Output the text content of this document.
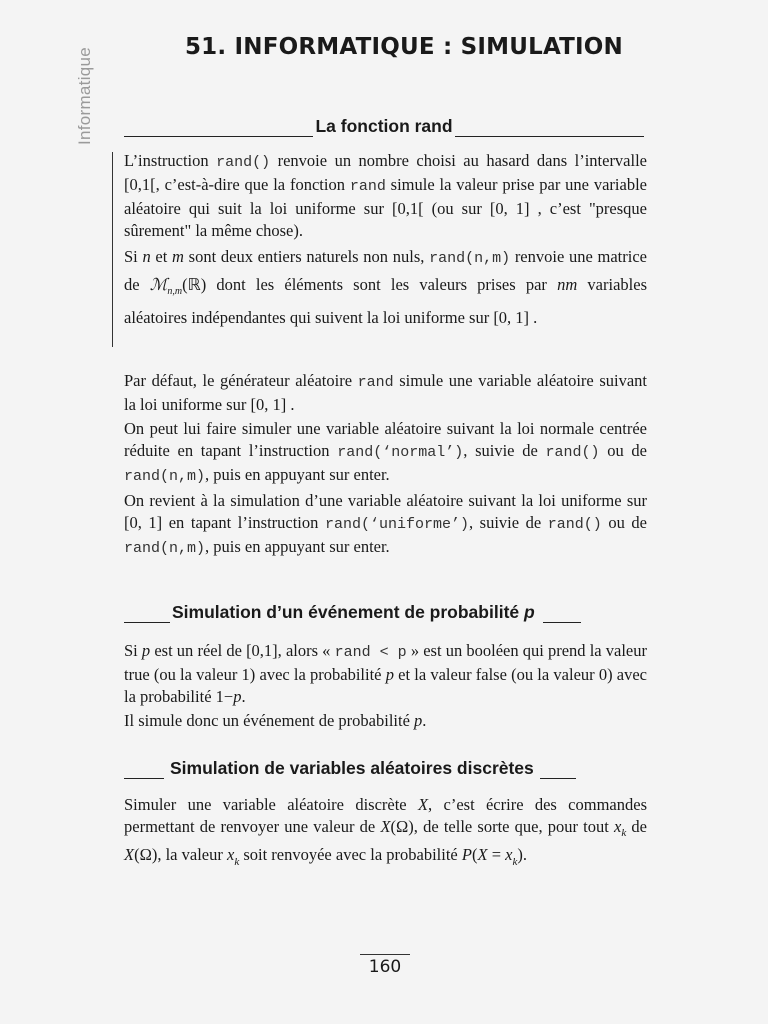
Informatique	51. INFORMATIQUE : SIMULATION
La fonction rand

L’instruction rand() renvoie un nombre choisi au hasard dans l’intervalle [0,1[, c’est-à-dire que la fonction rand simule la valeur prise par une variable aléatoire qui suit la loi uniforme sur [0,1[ (ou sur [0, 1] , c’est "presque sûrement" la même chose).

Si n et m sont deux entiers naturels non nuls, rand(n,m) renvoie une matrice de ℳ$_{n,m}$(ℝ) dont les éléments sont les valeurs prises par nm variables aléatoires indépendantes qui suivent la loi uniforme sur [0, 1] .

Par défaut, le générateur aléatoire rand simule une variable aléatoire suivant la loi uniforme sur [0, 1] .

On peut lui faire simuler une variable aléatoire suivant la loi normale centrée réduite en tapant l’instruction rand(‘normal’), suivie de rand() ou de rand(n,m), puis en appuyant sur enter.

On revient à la simulation d’une variable aléatoire suivant la loi uniforme sur [0, 1] en tapant l’instruction rand(‘uniforme’), suivie de rand() ou de rand(n,m), puis en appuyant sur enter.

Simulation d’un événement de probabilité p

Si p est un réel de [0,1], alors « rand < p » est un booléen qui prend la valeur true (ou la valeur 1) avec la probabilité p et la valeur false (ou la valeur 0) avec la probabilité 1−p.

Il simule donc un événement de probabilité p.

Simulation de variables aléatoires discrètes

Simuler une variable aléatoire discrète X, c’est écrire des commandes permettant de renvoyer une valeur de X(Ω), de telle sorte que, pour tout $x_k$ de X(Ω), la valeur $x_k$ soit renvoyée avec la probabilité $P(X = x_k)$.

160
